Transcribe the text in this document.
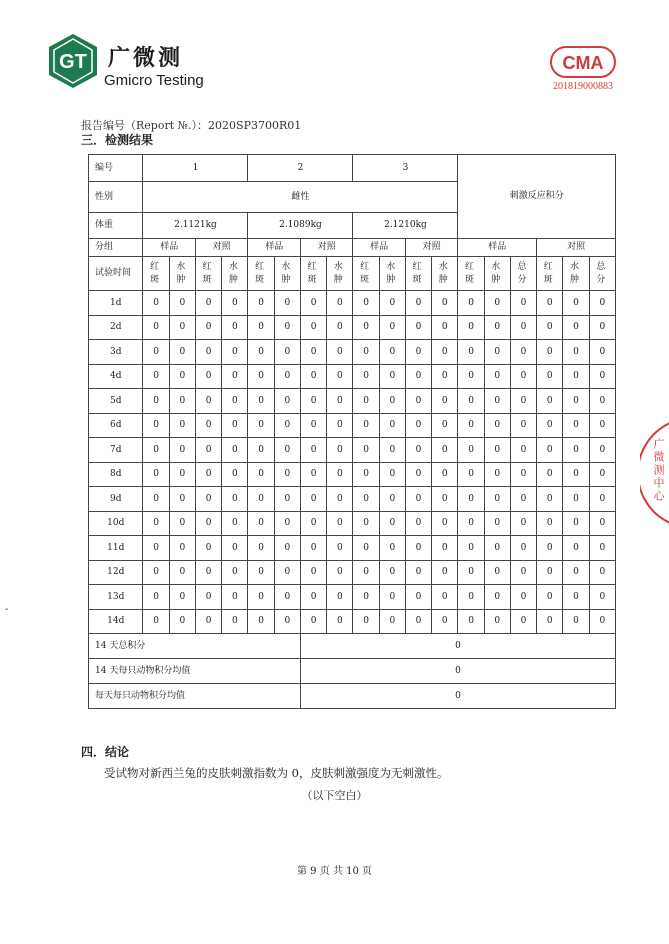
GT 广微测
Gmicro Testing
CMA
201819000883
报告编号（Report №.）：2020SP3700R01
三．检测结果
编号	1				2				3				刺激反应积分					
性别	雌性																	
体重	2.1121kg				2.1089kg				2.1210kg									
分组	样品		对照		样品		对照		样品		对照		样品			对照		
试验时间	红斑	水肿	红斑	水肿	红斑	水肿	红斑	水肿	红斑	水肿	红斑	水肿	红斑	水肿	总分	红斑	水肿	总分
1d	0	0	0	0	0	0	0	0	0	0	0	0	0	0	0	0	0	0
2d	0	0	0	0	0	0	0	0	0	0	0	0	0	0	0	0	0	0
3d	0	0	0	0	0	0	0	0	0	0	0	0	0	0	0	0	0	0
4d	0	0	0	0	0	0	0	0	0	0	0	0	0	0	0	0	0	0
5d	0	0	0	0	0	0	0	0	0	0	0	0	0	0	0	0	0	0
6d	0	0	0	0	0	0	0	0	0	0	0	0	0	0	0	0	0	0
7d	0	0	0	0	0	0	0	0	0	0	0	0	0	0	0	0	0	0
8d	0	0	0	0	0	0	0	0	0	0	0	0	0	0	0	0	0	0
9d	0	0	0	0	0	0	0	0	0	0	0	0	0	0	0	0	0	0
10d	0	0	0	0	0	0	0	0	0	0	0	0	0	0	0	0	0	0
11d	0	0	0	0	0	0	0	0	0	0	0	0	0	0	0	0	0	0
12d	0	0	0	0	0	0	0	0	0	0	0	0	0	0	0	0	0	0
13d	0	0	0	0	0	0	0	0	0	0	0	0	0	0	0	0	0	0
14d	0	0	0	0	0	0	0	0	0	0	0	0	0	0	0	0	0	0
14 天总积分							0											
14 天每只动物积分均值							0											
每天每只动物积分均值							0											
四．结论
受试物对新西兰兔的皮肤刺激指数为 0，皮肤刺激强度为无刺激性。
（以下空白）
第 9 页 共 10 页
广微测中心
-
